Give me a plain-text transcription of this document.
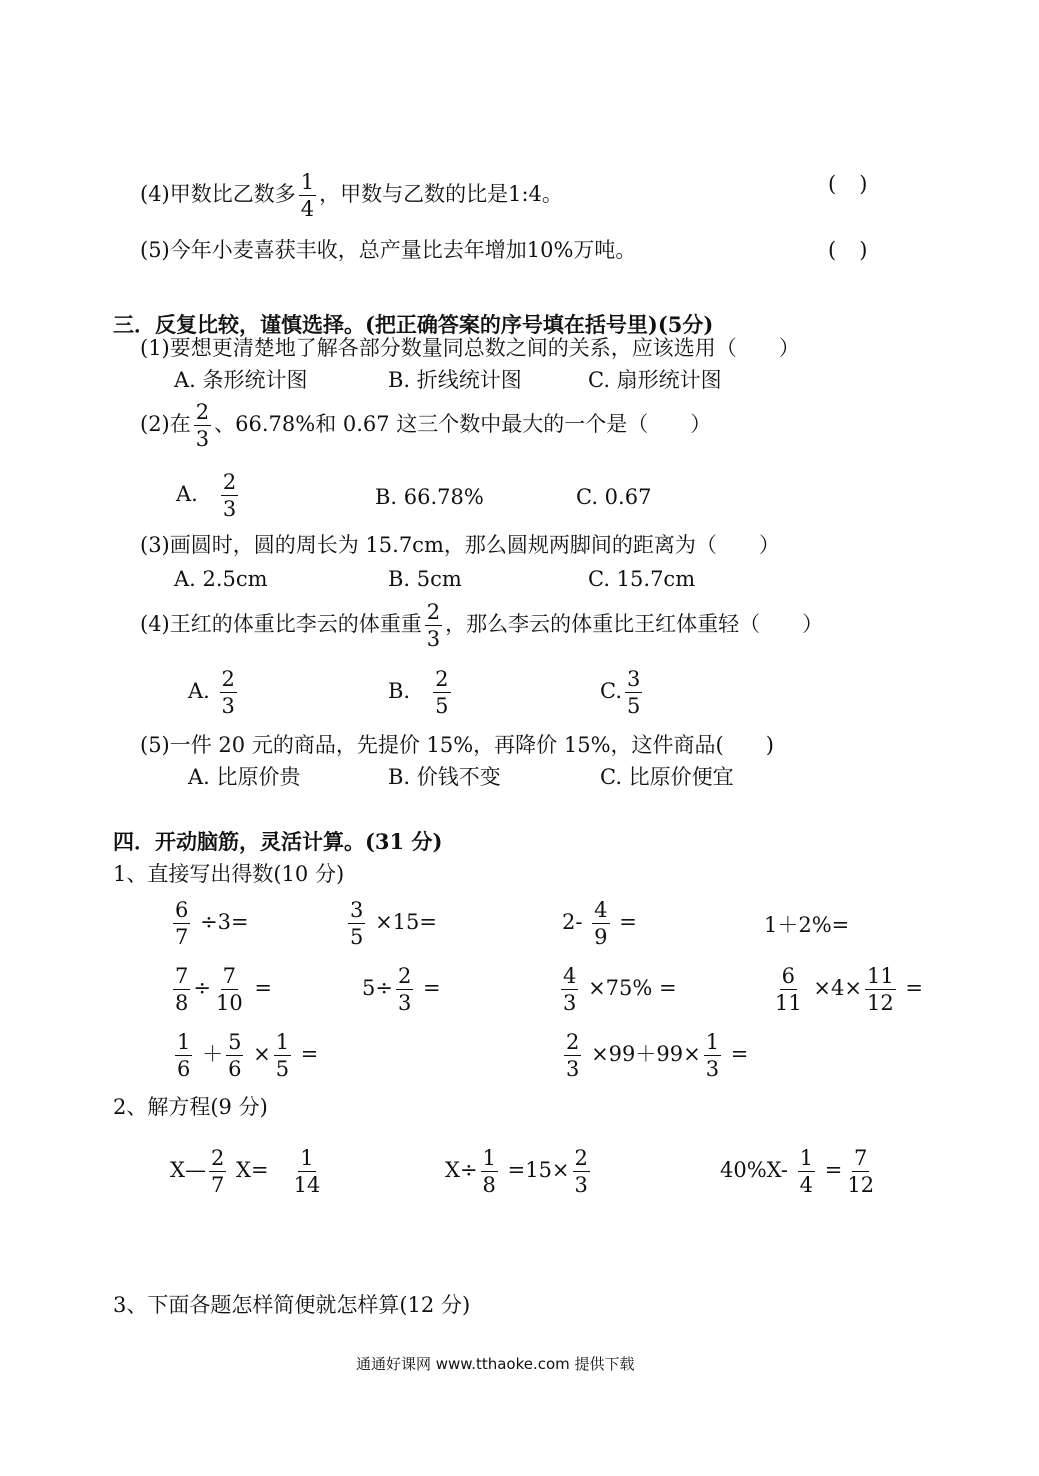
(4)甲数比乙数多 $\frac{1}{4}$ ，甲数与乙数的比是1:4。	(　)
(5)今年小麦喜获丰收，总产量比去年增加10%万吨。	(　)
三．反复比较，谨慎选择。(把正确答案的序号填在括号里)(5分)
(1)要想更清楚地了解各部分数量同总数之间的关系，应该选用（　　）
A. 条形统计图	B. 折线统计图	C. 扇形统计图
(2)在 $\frac{2}{3}$ 、66.78%和 0.67 这三个数中最大的一个是（　　）
A. $\frac{2}{3}$	B. 66.78%	C. 0.67
(3)画圆时，圆的周长为 15.7cm，那么圆规两脚间的距离为（　　）
A. 2.5cm	B. 5cm	C. 15.7cm
(4)王红的体重比李云的体重重 $\frac{2}{3}$ ，那么李云的体重比王红体重轻（　　）
A. $\frac{2}{3}$	B. $\frac{2}{5}$	C. $\frac{3}{5}$
(5)一件 20 元的商品，先提价 15%，再降价 15%，这件商品(　　)
A. 比原价贵	B. 价钱不变	C. 比原价便宜
四．开动脑筋，灵活计算。(31 分)
1、直接写出得数(10 分)
$\frac{6}{7} \div 3=$	$\frac{3}{5} \times 15=$	$2- \frac{4}{9}$ =	1＋2%=
$\frac{7}{8} \div \frac{7}{10}$ =	$5\div \frac{2}{3}$ =	$\frac{4}{3} \times 75\%$ =	$\frac{6}{11} \times 4\times \frac{11}{12}$ =
$\frac{1}{6} + \frac{5}{6} \times \frac{1}{5}$ =	$\frac{2}{3} \times 99+99\times \frac{1}{3}$ =
2、解方程(9 分)
X— $\frac{2}{7} X= \frac{1}{14}$	$X\div \frac{1}{8} =15\times \frac{2}{3}$	$40\%X- \frac{1}{4} = \frac{7}{12}$
3、下面各题怎样简便就怎样算(12 分)
通通好课网 www.tthaoke.com 提供下载
